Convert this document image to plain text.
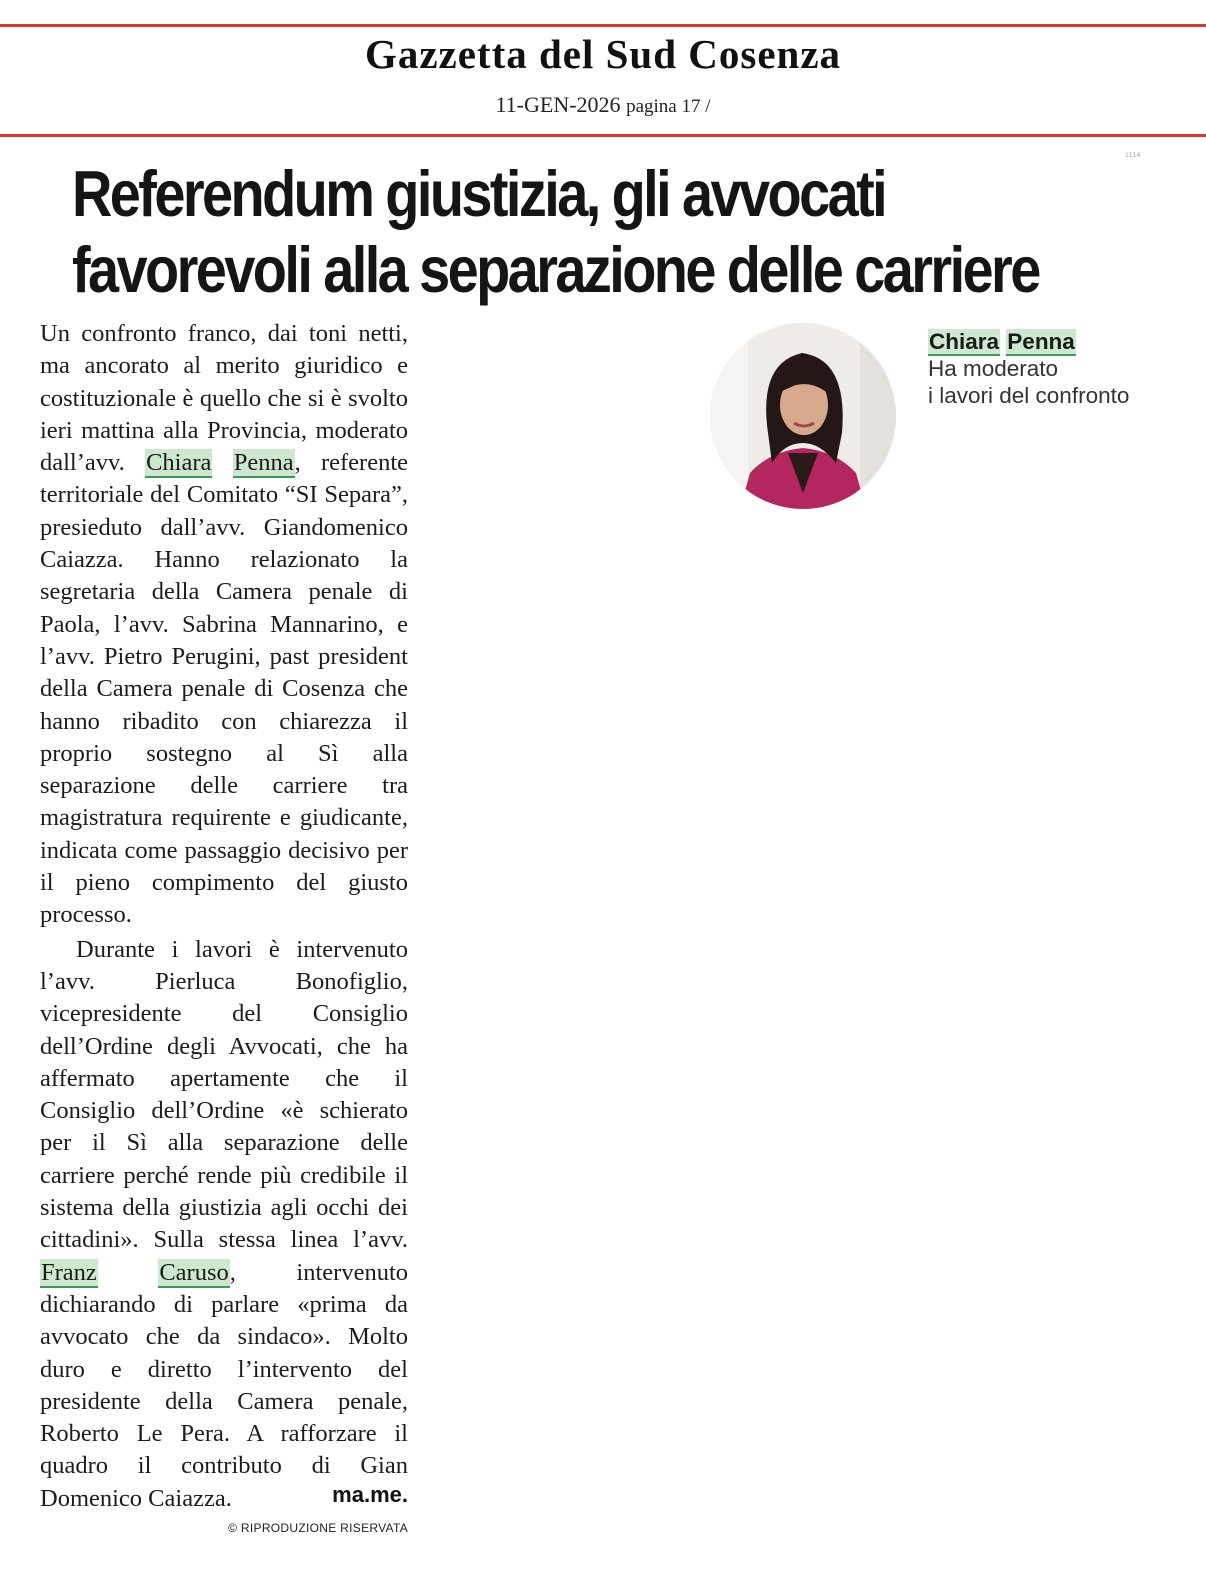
Gazzetta del Sud Cosenza
11-GEN-2026 pagina 17 /
1114
Referendum giustizia, gli avvocati
favorevoli alla separazione delle carriere

Un confronto franco, dai toni netti, ma ancorato al merito giuridico e costituzionale è quello che si è svolto ieri mattina alla Provincia, moderato dall’avv. Chiara Penna, referente territoriale del Comitato “SI Separa”, presieduto dall’avv. Giandomenico Caiazza. Hanno relazionato la segretaria della Camera penale di Paola, l’avv. Sabrina Mannarino, e l’avv. Pietro Perugini, past president della Camera penale di Cosenza che hanno ribadito con chiarezza il proprio sostegno al Sì alla separazione delle carriere tra magistratura requirente e giudicante, indicata come passaggio decisivo per il pieno compimento del giusto processo.

Durante i lavori è intervenuto l’avv. Pierluca Bonofiglio, vicepresidente del Consiglio dell’Ordine degli Avvocati, che ha affermato apertamente che il Consiglio dell’Ordine «è schierato per il Sì alla separazione delle carriere perché rende più credibile il sistema della giustizia agli occhi dei cittadini». Sulla stessa linea l’avv. Franz	Caruso, intervenuto dichiarando di parlare «prima da avvocato che da sindaco». Molto duro e diretto l’intervento del presidente della Camera penale, Roberto Le Pera. A rafforzare il quadro il contributo di Gian Domenico Caiazza.	ma.me.
© RIPRODUZIONE RISERVATA
Chiara Penna
Ha moderato
i lavori del confronto
